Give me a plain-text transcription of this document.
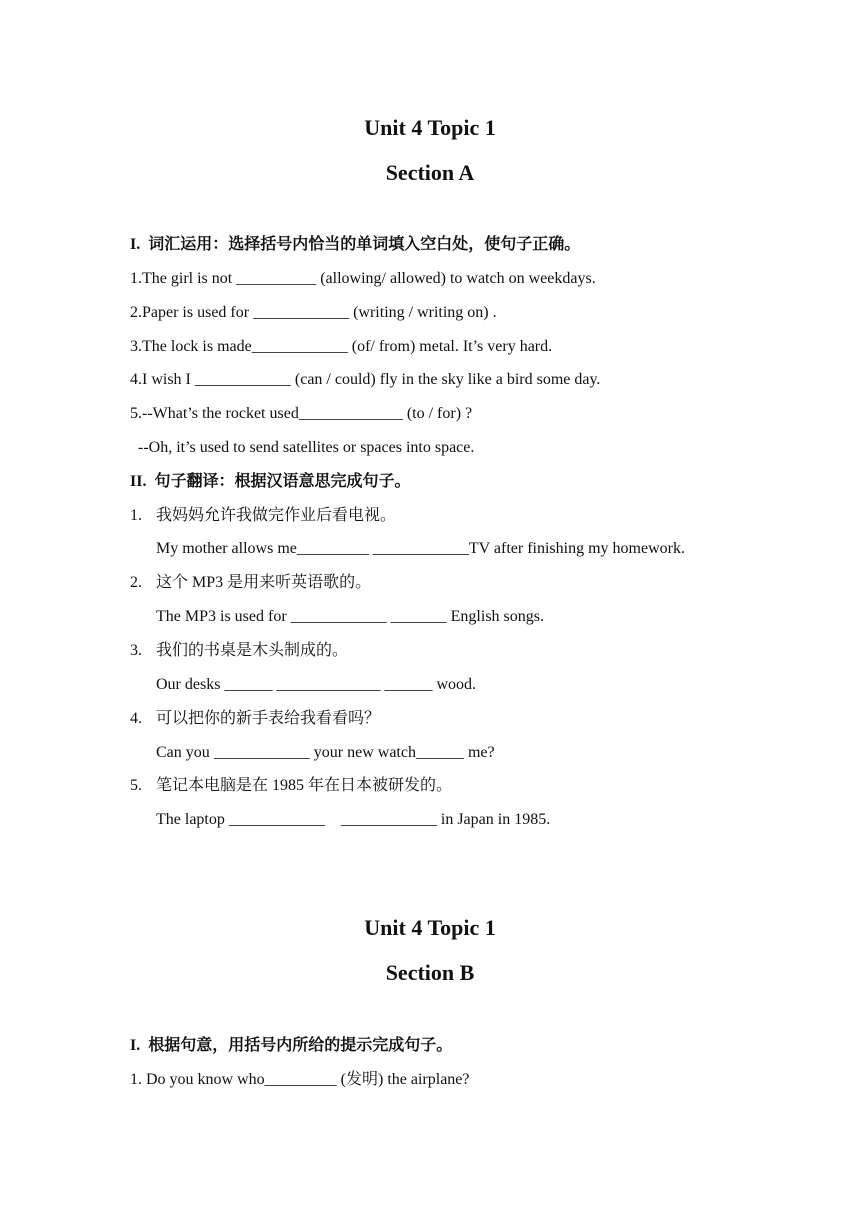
Unit 4 Topic 1
Section A
I.  词汇运用：选择括号内恰当的单词填入空白处，使句子正确。
1.The girl is not __________ (allowing/ allowed) to watch on weekdays.
2.Paper is used for ____________ (writing / writing on) .
3.The lock is made____________ (of/ from) metal. It’s very hard.
4.I wish I ____________ (can / could) fly in the sky like a bird some day.
5.--What’s the rocket used_____________ (to / for) ?
--Oh, it’s used to send satellites or spaces into space.
II.  句子翻译：根据汉语意思完成句子。
1. 我妈妈允许我做完作业后看电视。
My mother allows me_________ ____________TV after finishing my homework.
2. 这个 MP3 是用来听英语歌的。
The MP3 is used for ____________ _______ English songs.
3. 我们的书桌是木头制成的。
Our desks ______ _____________ ______ wood.
4. 可以把你的新手表给我看看吗？
Can you ____________ your new watch______ me?
5. 笔记本电脑是在 1985 年在日本被研发的。
The laptop ____________    ____________ in Japan in 1985.
Unit 4 Topic 1
Section B
I.  根据句意，用括号内所给的提示完成句子。
1. Do you know who_________ (发明) the airplane?
